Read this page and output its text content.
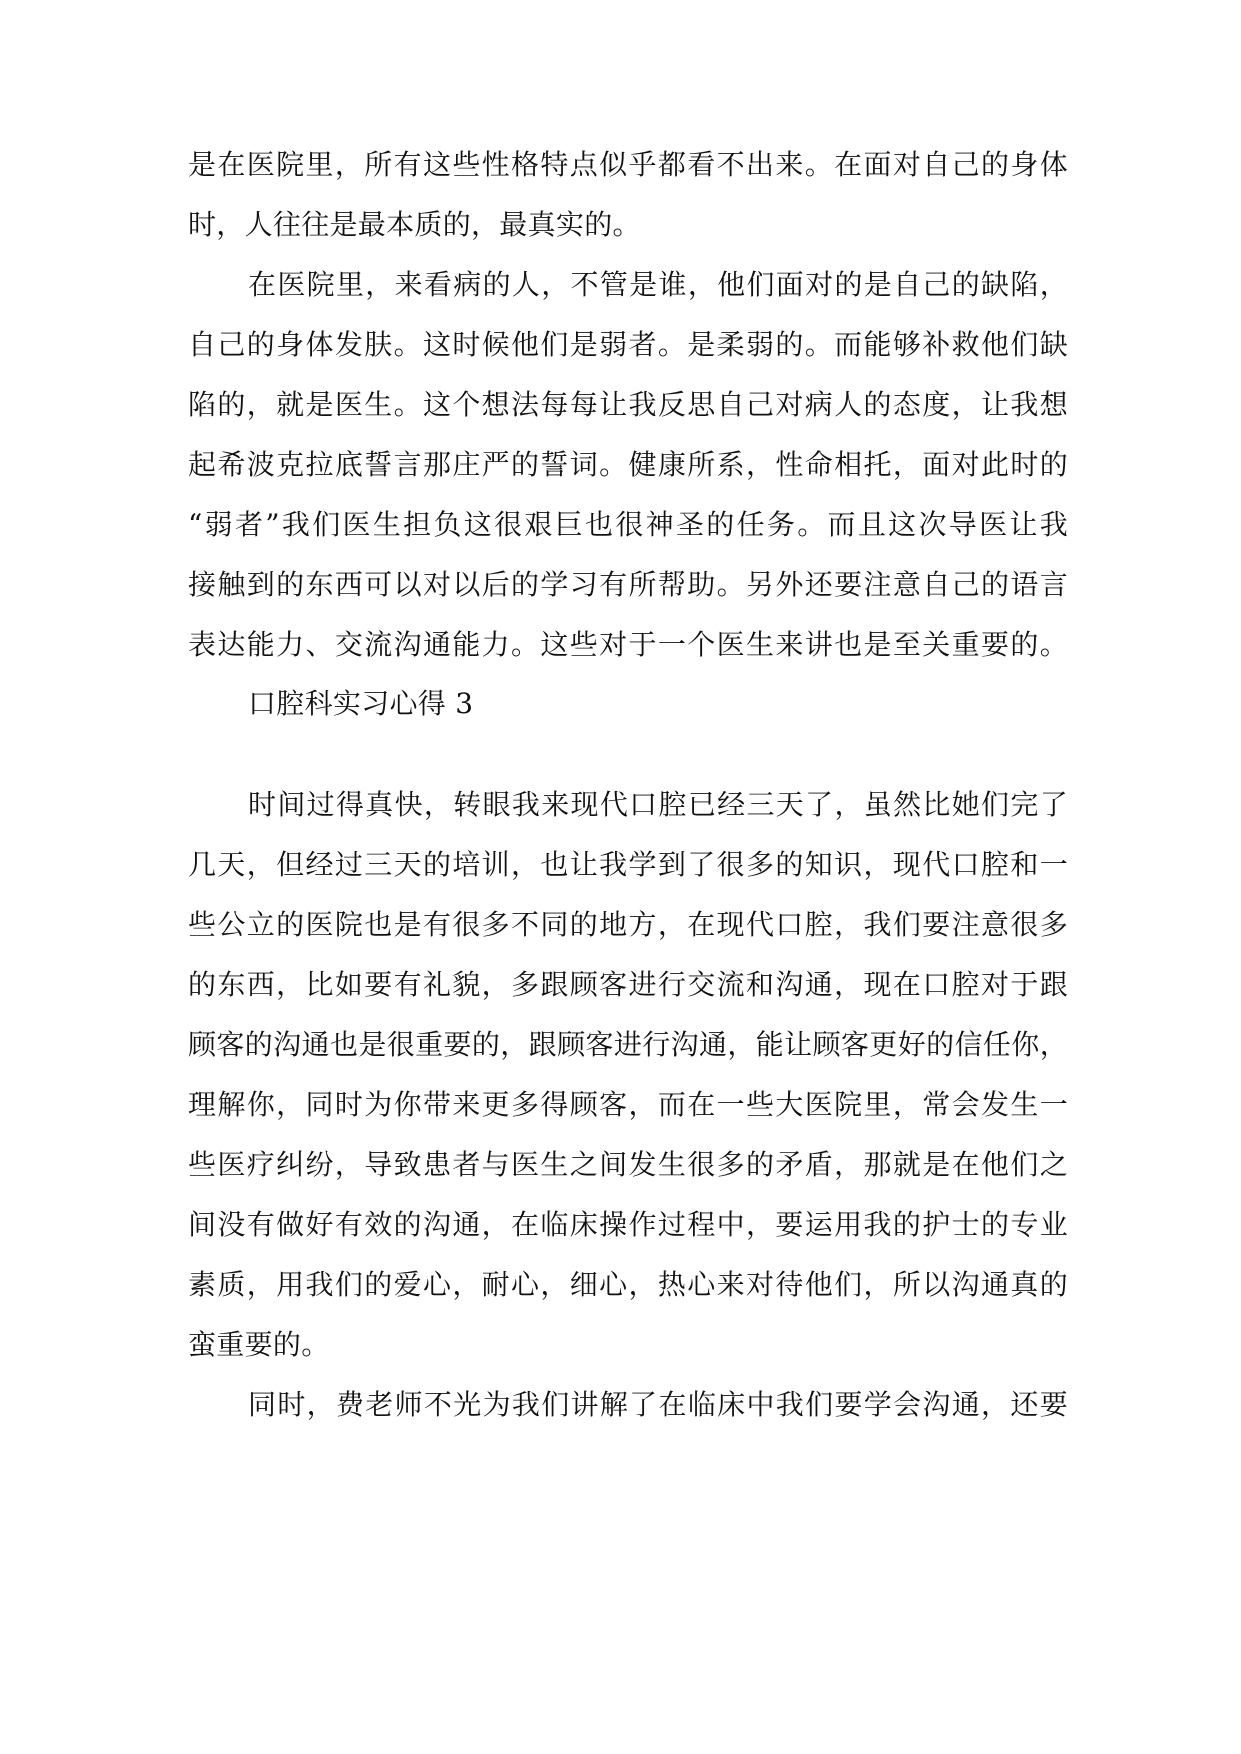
是在医院里，所有这些性格特点似乎都看不出来。在面对自己的身体
时，人往往是最本质的，最真实的。
在医院里，来看病的人，不管是谁，他们面对的是自己的缺陷，
自己的身体发肤。这时候他们是弱者。是柔弱的。而能够补救他们缺
陷的，就是医生。这个想法每每让我反思自己对病人的态度，让我想
起希波克拉底誓言那庄严的誓词。健康所系，性命相托，面对此时的
“弱者”我们医生担负这很艰巨也很神圣的任务。而且这次导医让我
接触到的东西可以对以后的学习有所帮助。另外还要注意自己的语言
表达能力、交流沟通能力。这些对于一个医生来讲也是至关重要的。
口腔科实习心得 3
时间过得真快，转眼我来现代口腔已经三天了，虽然比她们完了
几天，但经过三天的培训，也让我学到了很多的知识，现代口腔和一
些公立的医院也是有很多不同的地方，在现代口腔，我们要注意很多
的东西，比如要有礼貌，多跟顾客进行交流和沟通，现在口腔对于跟
顾客的沟通也是很重要的，跟顾客进行沟通，能让顾客更好的信任你，
理解你，同时为你带来更多得顾客，而在一些大医院里，常会发生一
些医疗纠纷，导致患者与医生之间发生很多的矛盾，那就是在他们之
间没有做好有效的沟通，在临床操作过程中，要运用我的护士的专业
素质，用我们的爱心，耐心，细心，热心来对待他们，所以沟通真的
蛮重要的。
同时，费老师不光为我们讲解了在临床中我们要学会沟通，还要
